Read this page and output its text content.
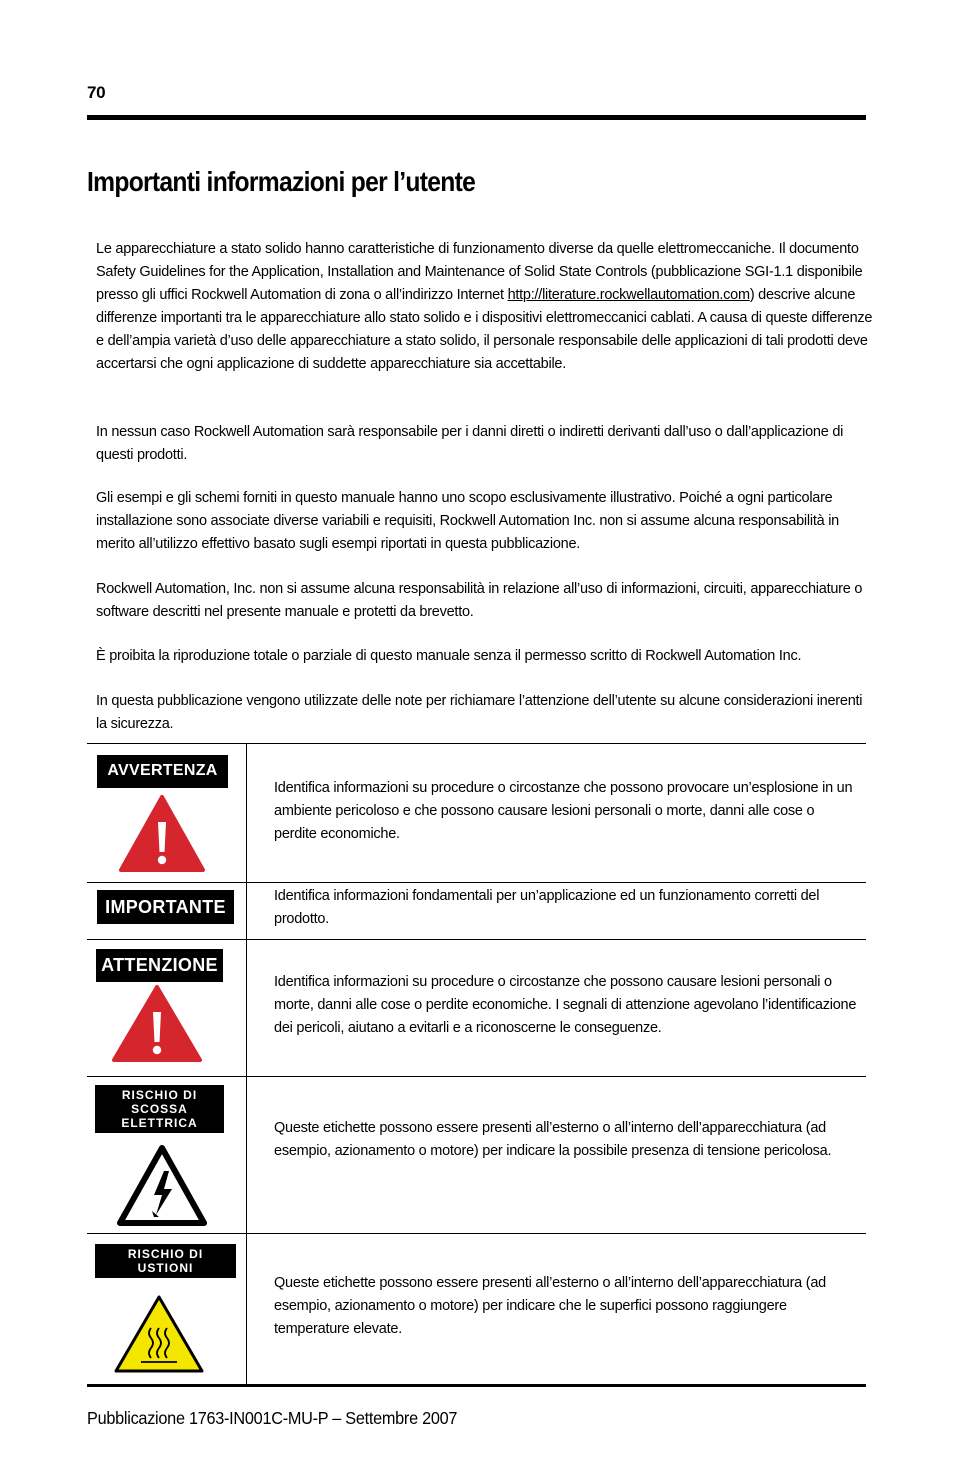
70
Importanti informazioni per l’utente

Le apparecchiature a stato solido hanno caratteristiche di funzionamento diverse da quelle elettromeccaniche. Il documento Safety Guidelines for the Application, Installation and Maintenance of Solid State Controls (pubblicazione SGI-1.1 disponibile presso gli uffici Rockwell Automation di zona o all’indirizzo Internet http://literature.rockwellautomation.com) descrive alcune differenze importanti tra le apparecchiature allo stato solido e i dispositivi elettromeccanici cablati. A causa di queste differenze e dell’ampia varietà d’uso delle apparecchiature a stato solido, il personale responsabile delle applicazioni di tali prodotti deve accertarsi che ogni applicazione di suddette apparecchiature sia accettabile.

In nessun caso Rockwell Automation sarà responsabile per i danni diretti o indiretti derivanti dall’uso o dall’applicazione di questi prodotti.

Gli esempi e gli schemi forniti in questo manuale hanno uno scopo esclusivamente illustrativo. Poiché a ogni particolare installazione sono associate diverse variabili e requisiti, Rockwell Automation Inc. non si assume alcuna responsabilità in merito all’utilizzo effettivo basato sugli esempi riportati in questa pubblicazione.

Rockwell Automation, Inc. non si assume alcuna responsabilità in relazione all’uso di informazioni, circuiti, apparecchiature o software descritti nel presente manuale e protetti da brevetto.

È proibita la riproduzione totale o parziale di questo manuale senza il permesso scritto di Rockwell Automation Inc.

In questa pubblicazione vengono utilizzate delle note per richiamare l’attenzione dell’utente su alcune considerazioni inerenti la sicurezza.

AVVERTENZA
Identifica informazioni su procedure o circostanze che possono provocare un’esplosione in un ambiente pericoloso e che possono causare lesioni personali o morte, danni alle cose o perdite economiche.
IMPORTANTE
Identifica informazioni fondamentali per un’applicazione ed un funzionamento corretti del prodotto.
ATTENZIONE
Identifica informazioni su procedure o circostanze che possono causare lesioni personali o morte, danni alle cose o perdite economiche. I segnali di attenzione agevolano l’identificazione dei pericoli, aiutano a evitarli e a riconoscerne le conseguenze.
RISCHIO DI
SCOSSA
ELETTRICA	Queste etichette possono essere presenti all’esterno o all’interno dell’apparecchiatura (ad esempio, azionamento o motore) per indicare la possibile presenza di tensione pericolosa.
RISCHIO DI
USTIONI
Queste etichette possono essere presenti all’esterno o all’interno dell’apparecchiatura (ad esempio, azionamento o motore) per indicare che le superfici possono raggiungere temperature elevate.
Pubblicazione 1763-IN001C-MU-P – Settembre 2007
